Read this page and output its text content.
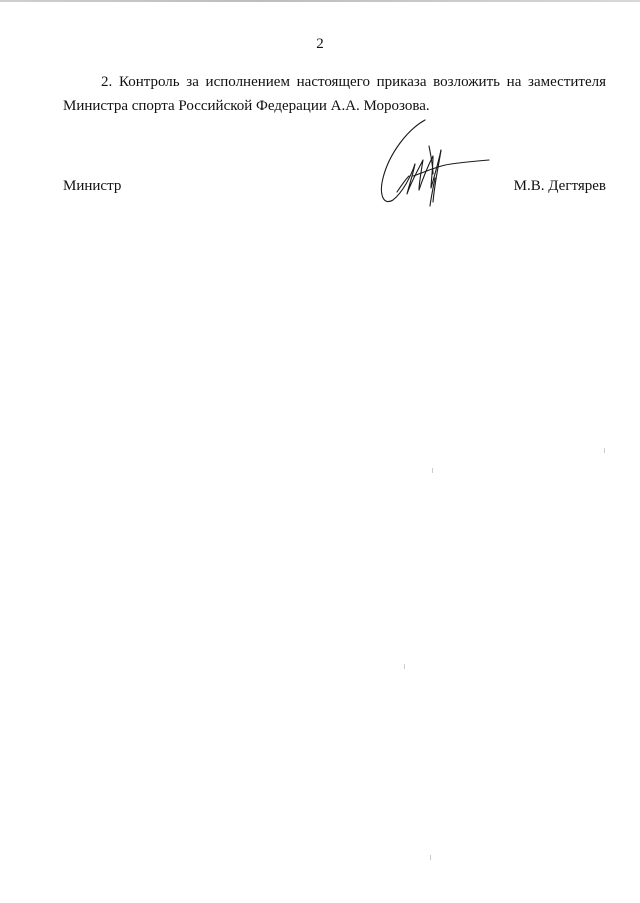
2
2. Контроль за исполнением настоящего приказа возложить на заместителя
Министра спорта Российской Федерации А.А. Морозова.
Министр	М.В. Дегтярев
